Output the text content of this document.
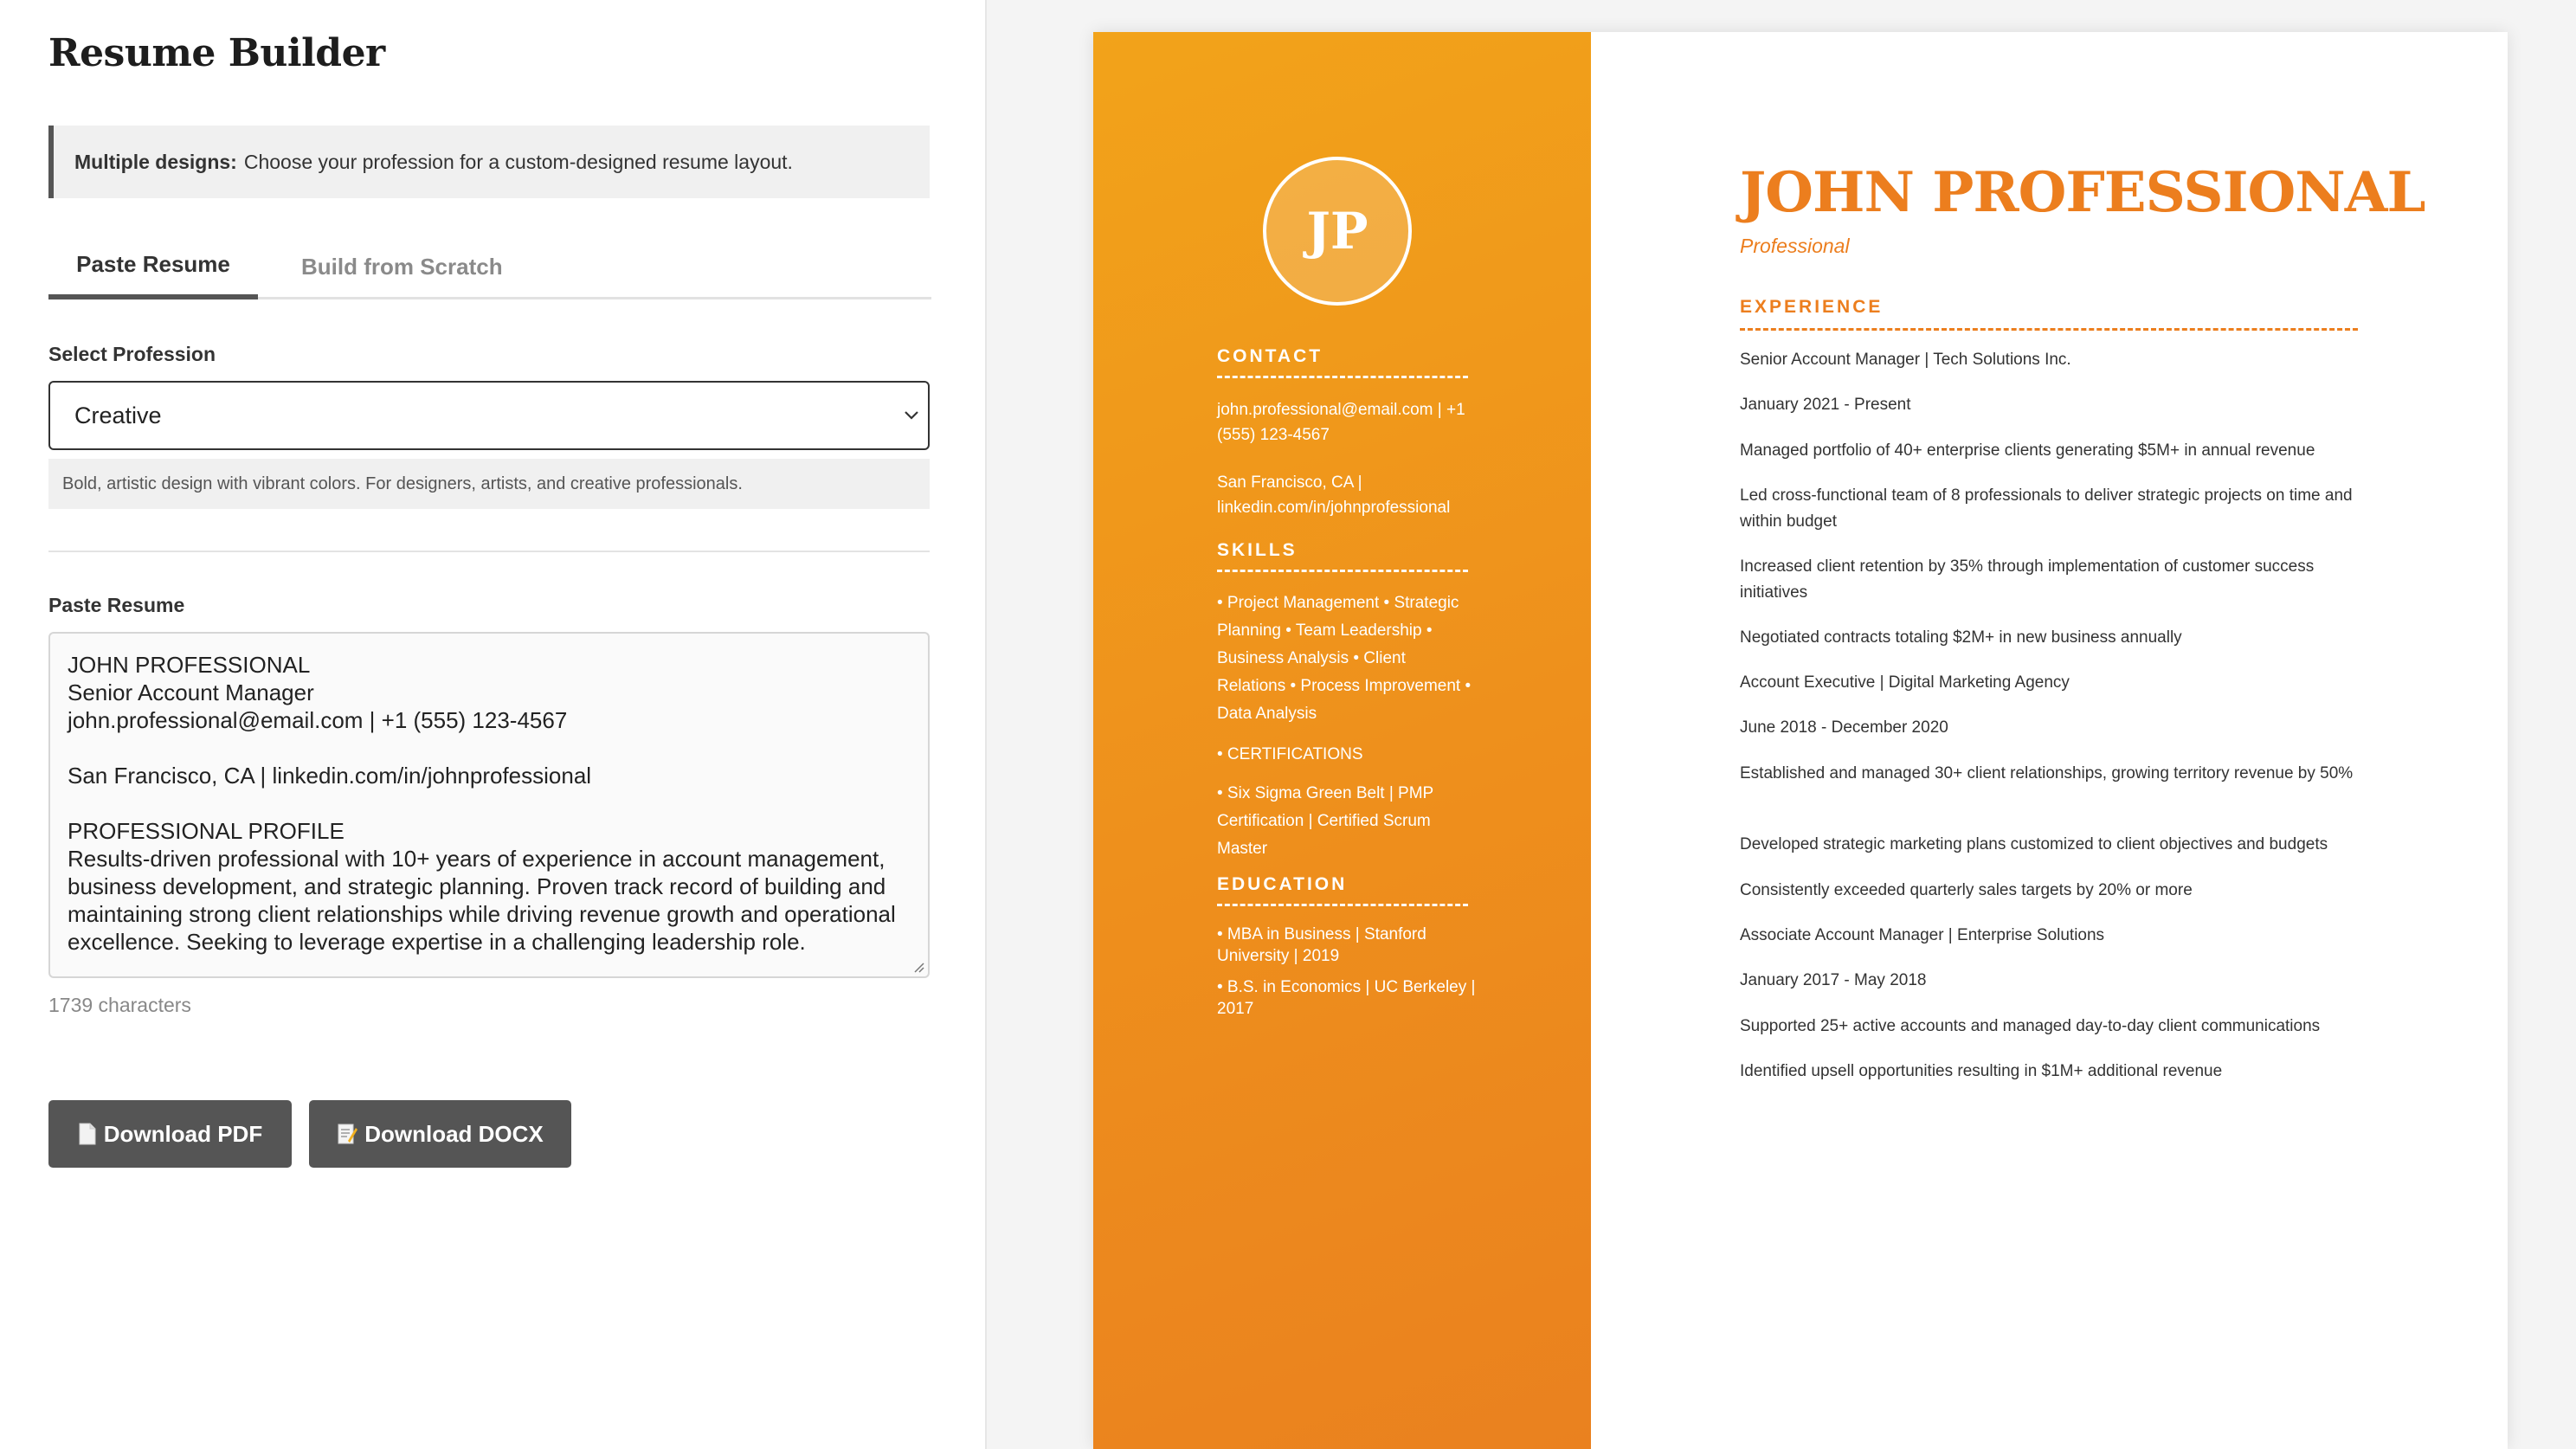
Resume Builder
Multiple designs: Choose your profession for a custom-designed resume layout.
Paste Resume	Build from Scratch
Select Profession
Creative
Bold, artistic design with vibrant colors. For designers, artists, and creative professionals.
Paste Resume
JOHN PROFESSIONAL
Senior Account Manager
john.professional@email.com | +1 (555) 123-4567
San Francisco, CA | linkedin.com/in/johnprofessional
PROFESSIONAL PROFILE
Results-driven professional with 10+ years of experience in account management, business development, and strategic planning. Proven track record of building and maintaining strong client relationships while driving revenue growth and operational excellence. Seeking to leverage expertise in a challenging leadership role.
1739 characters
Download PDF	Download DOCX
JP
CONTACT
john.professional@email.com | +1 (555) 123-4567
San Francisco, CA | linkedin.com/in/johnprofessional
SKILLS
• Project Management • Strategic Planning • Team Leadership • Business Analysis • Client Relations • Process Improvement • Data Analysis
• CERTIFICATIONS
• Six Sigma Green Belt | PMP Certification | Certified Scrum Master
EDUCATION
• MBA in Business | Stanford University | 2019
• B.S. in Economics | UC Berkeley | 2017
JOHN PROFESSIONAL
Professional
EXPERIENCE
Senior Account Manager | Tech Solutions Inc.
January 2021 - Present
Managed portfolio of 40+ enterprise clients generating $5M+ in annual revenue
Led cross-functional team of 8 professionals to deliver strategic projects on time and within budget
Increased client retention by 35% through implementation of customer success initiatives
Negotiated contracts totaling $2M+ in new business annually
Account Executive | Digital Marketing Agency
June 2018 - December 2020
Established and managed 30+ client relationships, growing territory revenue by 50%
Developed strategic marketing plans customized to client objectives and budgets
Consistently exceeded quarterly sales targets by 20% or more
Associate Account Manager | Enterprise Solutions
January 2017 - May 2018
Supported 25+ active accounts and managed day-to-day client communications
Identified upsell opportunities resulting in $1M+ additional revenue
